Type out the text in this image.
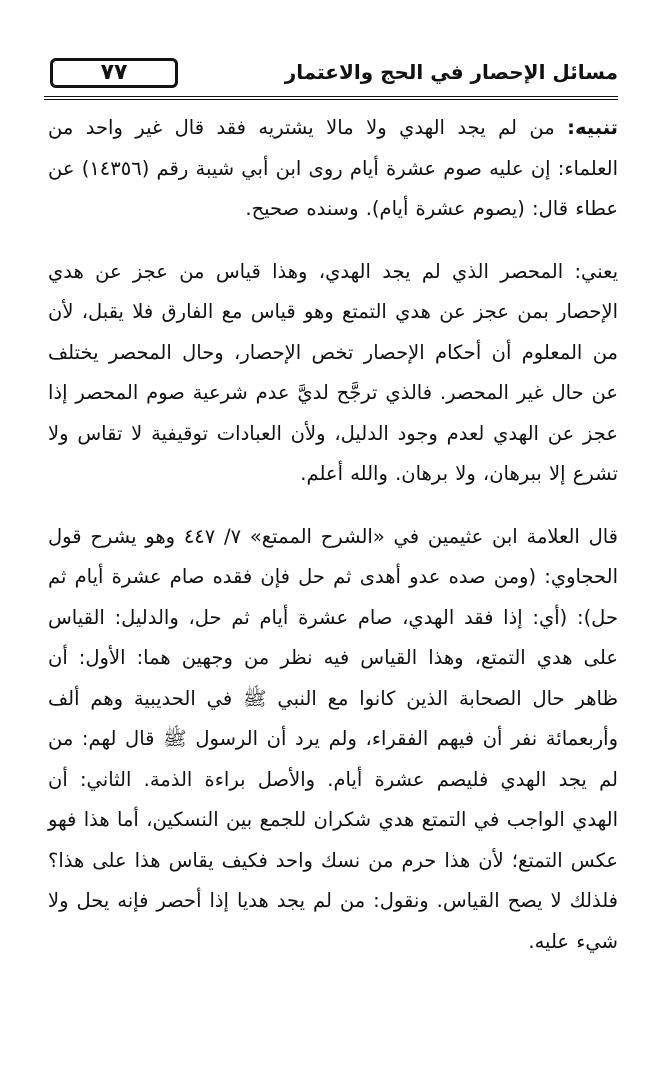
٧٧	مسائل الإحصار في الحج والاعتمار

تنبيه: من لم يجد الهدي ولا مالا يشتريه فقد قال غير واحد من العلماء: إن عليه صوم عشرة أيام روى ابن أبي شيبة رقم (١٤٣٥٦) عن عطاء قال: (يصوم عشرة أيام). وسنده صحيح.

يعني: المحصر الذي لم يجد الهدي، وهذا قياس من عجز عن هدي الإحصار بمن عجز عن هدي التمتع وهو قياس مع الفارق فلا يقبل، لأن من المعلوم أن أحكام الإحصار تخص الإحصار، وحال المحصر يختلف عن حال غير المحصر. فالذي ترجَّح لديَّ عدم شرعية صوم المحصر إذا عجز عن الهدي لعدم وجود الدليل، ولأن العبادات توقيفية لا تقاس ولا تشرع إلا ببرهان، ولا برهان. والله أعلم.

قال العلامة ابن عثيمين في «الشرح الممتع» ٧/ ٤٤٧ وهو يشرح قول الحجاوي: (ومن صده عدو أهدى ثم حل فإن فقده صام عشرة أيام ثم حل): (أي: إذا فقد الهدي، صام عشرة أيام ثم حل، والدليل: القياس على هدي التمتع، وهذا القياس فيه نظر من وجهين هما: الأول: أن ظاهر حال الصحابة الذين كانوا مع النبي ﷺ في الحديبية وهم ألف وأربعمائة نفر أن فيهم الفقراء، ولم يرد أن الرسول ﷺ قال لهم: من لم يجد الهدي فليصم عشرة أيام. والأصل براءة الذمة. الثاني: أن الهدي الواجب في التمتع هدي شكران للجمع بين النسكين، أما هذا فهو عكس التمتع؛ لأن هذا حرم من نسك واحد فكيف يقاس هذا على هذا؟ فلذلك لا يصح القياس. ونقول: من لم يجد هديا إذا أحصر فإنه يحل ولا شيء عليه.
